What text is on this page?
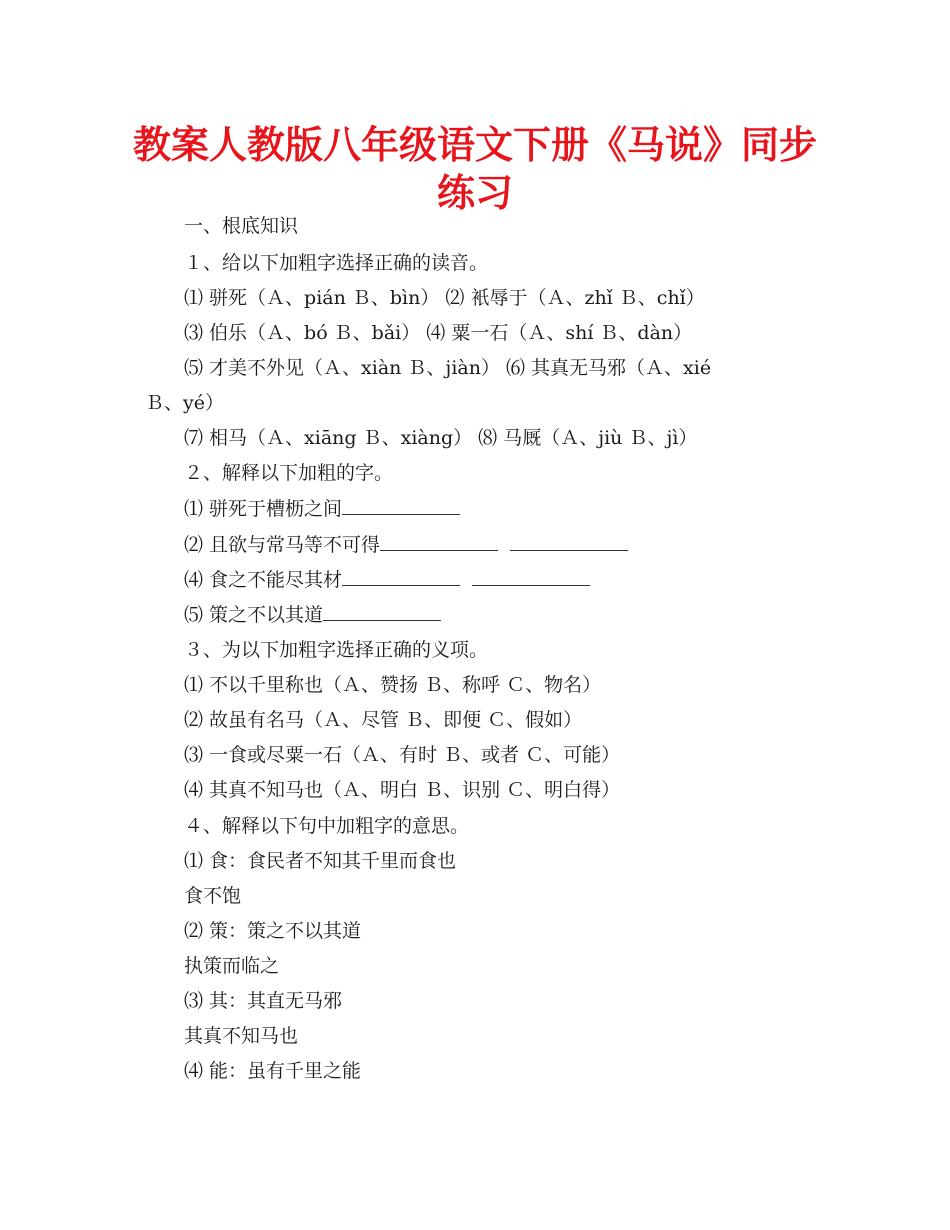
教案人教版八年级语文下册《马说》同步
练习
一、根底知识
１、给以下加粗字选择正确的读音。
⑴ 骈死（Ａ、pián Ｂ、bìn） ⑵ 衹辱于（Ａ、zhǐ Ｂ、chǐ）
⑶ 伯乐（Ａ、bó Ｂ、bǎi） ⑷ 粟一石（Ａ、shí Ｂ、dàn）
⑸ 才美不外见（Ａ、xiàn Ｂ、jiàn） ⑹ 其真无马邪（Ａ、xié
Ｂ、yé）
⑺ 相马（Ａ、xiāng Ｂ、xiàng） ⑻ 马厩（Ａ、jiù Ｂ、jì）
２、解释以下加粗的字。
⑴ 骈死于槽枥之间
⑵ 且欲与常马等不可得
⑷ 食之不能尽其材
⑸ 策之不以其道
３、为以下加粗字选择正确的义项。
⑴ 不以千里称也（Ａ、赞扬 Ｂ、称呼 Ｃ、物名）
⑵ 故虽有名马（Ａ、尽管 Ｂ、即便 Ｃ、假如）
⑶ 一食或尽粟一石（Ａ、有时 Ｂ、或者 Ｃ、可能）
⑷ 其真不知马也（Ａ、明白 Ｂ、识别 Ｃ、明白得）
４、解释以下句中加粗字的意思。
⑴ 食：食民者不知其千里而食也
食不饱
⑵ 策：策之不以其道
执策而临之
⑶ 其：其直无马邪
其真不知马也
⑷ 能：虽有千里之能
